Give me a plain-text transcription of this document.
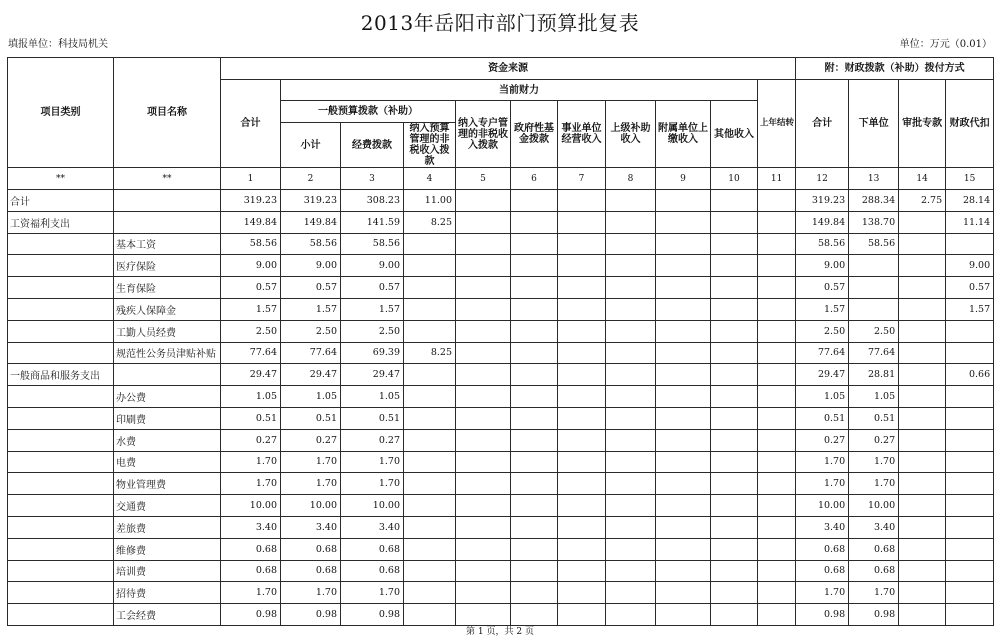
2013年岳阳市部门预算批复表
填报单位：科技局机关	单位：万元（0.01）
项目类别	项目名称	资金来源											附：财政拨款（补助）拨付方式			
		合计	当前财力									上年结转	合计	下单位	审批专款	财政代扣
			一般预算拨款（补助）			纳入专户管理的非税收入拨款	政府性基金拨款	事业单位经营收入	上级补助收入	附属单位上缴收入	其他收入					
			小计	经费拨款	纳入预算管理的非税收入拨款											
**	**	1	2	3	4	5	6	7	8	9	10	11	12	13	14	15
合计		319.23	319.23	308.23	11.00								319.23	288.34	2.75	28.14
工资福利支出		149.84	149.84	141.59	8.25								149.84	138.70		11.14
	基本工资	58.56	58.56	58.56									58.56	58.56		
	医疗保险	9.00	9.00	9.00									9.00			9.00
	生育保险	0.57	0.57	0.57									0.57			0.57
	残疾人保障金	1.57	1.57	1.57									1.57			1.57
	工勤人员经费	2.50	2.50	2.50									2.50	2.50		
	规范性公务员津贴补贴	77.64	77.64	69.39	8.25								77.64	77.64		
一般商品和服务支出		29.47	29.47	29.47									29.47	28.81		0.66
	办公费	1.05	1.05	1.05									1.05	1.05		
	印刷费	0.51	0.51	0.51									0.51	0.51		
	水费	0.27	0.27	0.27									0.27	0.27		
	电费	1.70	1.70	1.70									1.70	1.70		
	物业管理费	1.70	1.70	1.70									1.70	1.70		
	交通费	10.00	10.00	10.00									10.00	10.00		
	差旅费	3.40	3.40	3.40									3.40	3.40		
	维修费	0.68	0.68	0.68									0.68	0.68		
	培训费	0.68	0.68	0.68									0.68	0.68		
	招待费	1.70	1.70	1.70									1.70	1.70		
	工会经费	0.98	0.98	0.98									0.98	0.98		
第 1 页，共 2 页
